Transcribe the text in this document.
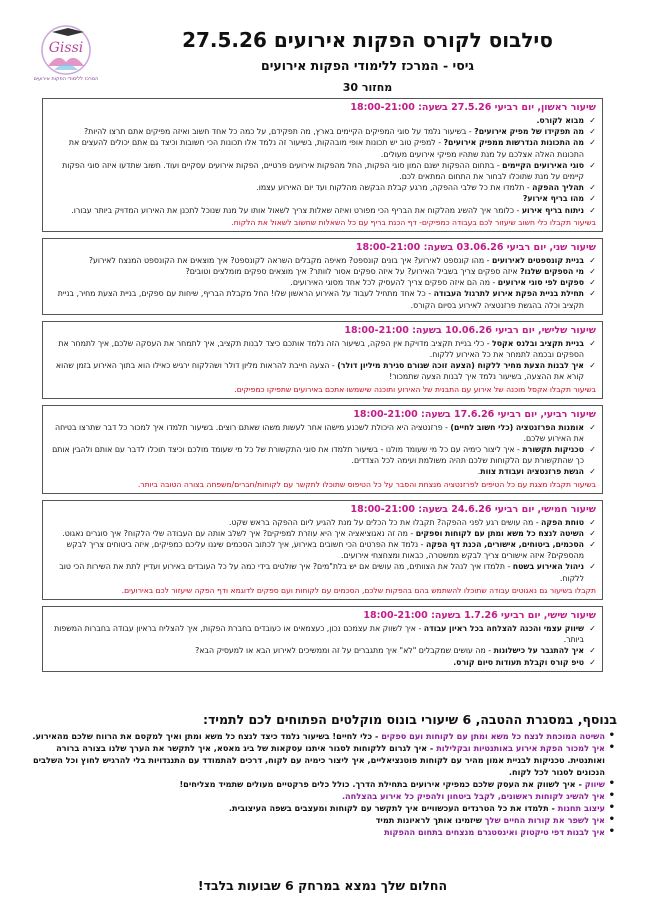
Gissi
המרכז ללימודי הפקות אירועים
סילבוס לקורס הפקות אירועים 27.5.26
גיסי - המרכז ללימודי הפקות אירועים
מחזור 30
שיעור ראשון, יום רביעי 27.5.26 בשעה: 18:00-21:00
✓ מבוא לקורס.
✓ מה תפקידו של מפיק אירועים? - בשיעור נלמד על סוגי המפיקים הקיימים בארץ, מה תפקידם, על כמה כל אחד חשוב ואיזה מפיקים אתם תרצו להיות?
✓ מה התכונות הנדרשות ממפיק אירועים? - למפיק טוב יש תכונות אופי מובהקות, בשיעור זה נלמד אלו תכונות הכי חשובות וכיצד גם אתם יכולים להעצים את התכונות האלה אצלכם על מנת שתהיו מפיקי אירועים מעולים.
✓ סוגי האירועים הקיימים - בתחום ההפקות ישנם המון סוגי הפקות, החל מהפקות אירועים פרטיים, הפקות אירועים עסקיים ועוד. חשוב שתדעו איזה סוגי הפקות קיימים על מנת שתוכלו לבחור את התחום המתאים לכם.
✓ תהליך ההפקה - תלמדו את כל שלבי ההפקה, מרגע קבלת הבקשה מהלקוח ועד יום האירוע עצמו.
✓ מהו בריף אירוע?
✓ ניתוח בריף אירוע - כלומר איך להשיג מהלקוח את הבריף הכי מפורט ואיזה שאלות צריך לשאול אותו על מנת שנוכל לתכנן את האירוע המדויק ביותר עבורו.
בשיעור תקבלו כלי חשוב שיעזור לכם בעבודה כמפיקים- דף הכנת בריף עם כל השאלות שחשוב לשאול את הלקוח.
שיעור שני, יום רביעי 03.06.26 בשעה: 18:00-21:00
✓ בניית קונספטים לאירועים - מהו קונספט לאירוע? איך בונים קונספט? מאיפה מקבלים השראה לקונספט? איך מוצאים את הקונספט המנצח לאירוע?
✓ מי הספקים שלנו? איזה ספקים צריך בשביל האירוע? על איזה ספקים אסור לוותר? איך מוצאים ספקים מומלצים וטובים?
✓ ספקים לפי סוגי אירועים - מה הם איזה ספקים צריך להעסיק לכל אחד מסוגי האירועים.
✓ תחילת בניית הפקת אירוע לתרגול העבודה - כל אחד מתחיל לעבוד על האירוע הראשון שלו! החל מקבלת הבריף, שיחות עם ספקים, בניית הצעת מחיר, בניית תקציב וכלה בהגשת פרזנטציה לאירוע בסיום הקורס.
שיעור שלישי, יום רביעי 10.06.26 בשעה: 18:00-21:00
✓ בניית תקציב ובלנס אקסל - כלי בניית תקציב מדויקת אין הפקה, בשיעור הזה נלמד אותכם כיצד לבנות תקציב, איך לתמחר את העסקה שלכם, איך לתמחר את הספקים ובכמה לתמחר את כל האירוע ללקוח.
✓ איך לבנות הצעת מחיר ללקוח (הצעה זוכה שגורם סגירת מיליון דולר) - הצעה חייבת להראות מליון דולר ושהלקוח ירגיש כאילו הוא בתוך האירוע בזמן שהוא קורא את ההצעה, בשיעור נלמד איך לבנות הצעה שתמכור!
בשיעור תקבלו אקסל מוכנה של אירוע עם התבנית של האירוע ותוכנה שישמשו אתכם באירועים שתפיקו כמפיקים.
שיעור רביעי, יום רביעי 17.6.26 בשעה: 18:00-21:00
✓ אומנות הפרזנטציה (כלי חשוב לחיים) - פרזנטציה היא היכולת לשכנע מישהו אחר לעשות משהו שאתם רוצים. בשיעור תלמדו איך למכור כל דבר שתרצו בטיחה את האירוע שלכם.
✓ טכניקות תקשורת - איך ליצור כימיה עם כל מי שעומד מולנו - בשיעור תלמדו את סוגי התקשורת של כל מי שעומד מולכם וכיצד תוכלו לדבר עם אותם ולהבין אותם כך שהתקשורת עם הלקוחות שלכם תהיה משולמת ועימה לכל הצדדים.
✓ הגשת פרזנטציה ועבודת צוות.
בשיעור תקבלו מצגת עם כל הטיפים לפרזנטציה מנצחת והסבר על כל הטיפוס שתוכלו לתקשר עם לקוחות/חברים/משפחה בצורה הטובה ביותר.
שיעור חמישי, יום רביעי 24.6.26 בשעה: 18:00-21:00
✓ טוחת הפקה - מה עושים רגע לפני ההפקה? תקבלו את כל הכלים על מנת להגיע ליום ההפקה בראש שקט.
✓ השיטה לנצח כל משא ומתן עם לקוחות וספקים - מה זה נאגוציאציה איך היא עוזרת למפיקים? איך לשלב אותה עם העבודה שלי הלקוח? איך סוגרים נאגוט.
✓ הסכמים, ביטוחים, אישורים, הכנת דף הפקה - נלמד את הפרטים הכי חשובים באירוע, איך לכתוב הסכמים שיגנו עליכם כמפיקים, איזה ביטוחים צריך לבקש מהספקים? איזה אישורים צריך לבקש ממשטרה, כבאות ומצחצחי אירועים.
✓ ניהול האירוע בשטח - תלמדו איך לנהל את הצוותים, מה עושים אם יש בלת"מים? איך שולטים בידי כמה על כל העובדים באירוע ועדיין לתת את השירות הכי טוב ללקוח.
תקבלו בשיעור גם נאגוטים עבודה שתוכלו להשתמש בהם בהפקות שלכם, הסכמים עם לקוחות ועם ספקים לדוגמא ודף הפקה שיעזור לכם באירועים.
שיעור שישי, יום רביעי 1.7.26 בשעה: 18:00-21:00
✓ שיווק עצמי והכנה להצלחה בכל ראיון עבודה - איך לשווק את עצמכם נכון, כעצמאים או כעובדים בחברת הפקות, איך להצליח בראיון עבודה בחברות המשפות ביותר.
✓ איך להתגבר על כישלונות - מה עושים שמקבלים "לא" איך מתגברים על זה וממשיכים לאירוע הבא או למעסיק הבא?
✓ טיפ קורס וקבלת תעודות סיום קורס.
בנוסף, במסגרת ההטבה, 6 שיעורי בונוס מוקלטים הפתוחים לכם לתמיד:
• השיטה המוכחת לנצח כל משא ומתן עם לקוחות ועם ספקים - כלי לחיים! בשיעור נלמד כיצד לנצח כל משא ומתן ואיך למקסם את הרווח שלכם מהאירוע.
• איך למכור הפקת אירוע באותנטיות ובקלילות - איך לגרום ללקוחות לסגור איתנו עסקאות של ביג מאסא, איך לתקשר את הערך שלנו בצורה ברורה ואותנטית. טכניקות לבניית אמון מהיר עם לקוחות פוטנציאליים, איך ליצור כימיה עם לקוח, דרכים להתמודד עם התנגדויות בלי להרגיש לחוץ וכל השלבים הנכונים לסגור לכל לקוח.
• שיווק - איך לשווק את העסק שלכם כמפיקי אירועים בתחילת הדרך. כולל כלים פרקטיים מעולים שתמיד מצליחים!
• איך להשיג לקוחות ראשונים, לקבל ביטחון ולהפיק כל אירוע בהצלחה.
• עיצוב תחנות - תלמדו את כל הטרנדים העכשוויים איך לתקשר עם לקוחות ומעצבים בשפה העיצובית.
• איך לשפר את קורות החיים שלך שיזמינו אותך לראיונות תמיד
• איך לבנות דפי טיקטוק ואינסטגרם מנצחים בתחום ההפקות
החלום שלך נמצא במרחק 6 שבועות בלבד!
